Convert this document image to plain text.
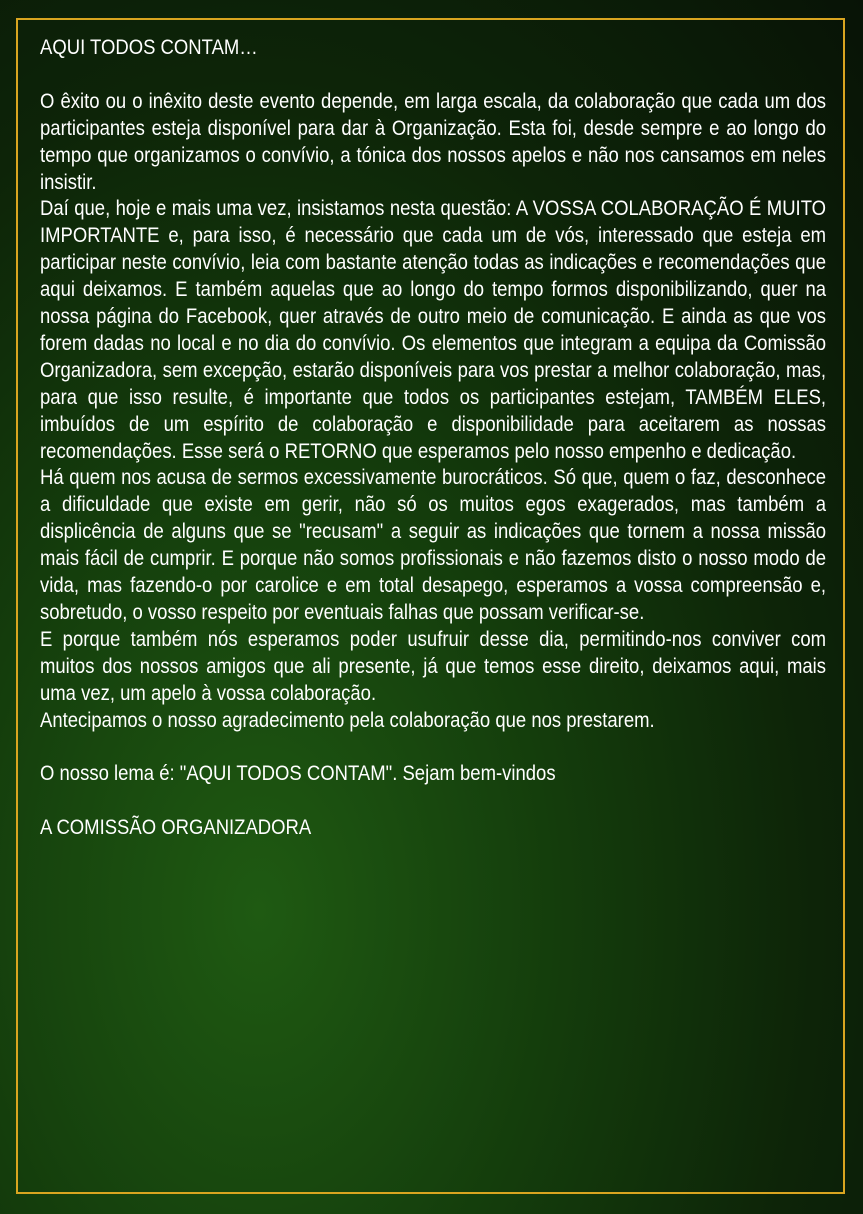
AQUI TODOS CONTAM…

O êxito ou o inêxito deste evento depende, em larga escala, da colaboração que cada um dos participantes esteja disponível para dar à Organização. Esta foi, desde sempre e ao longo do tempo que organizamos o convívio, a tónica dos nossos apelos e não nos cansamos em neles insistir.

Daí que, hoje e mais uma vez, insistamos nesta questão: A VOSSA COLABORAÇÃO É MUITO IMPORTANTE e, para isso, é necessário que cada um de vós, interessado que esteja em participar neste convívio, leia com bastante atenção todas as indicações e recomendações que aqui deixamos. E também aquelas que ao longo do tempo formos disponibilizando, quer na nossa página do Facebook, quer através de outro meio de comunicação. E ainda as que vos forem dadas no local e no dia do convívio. Os elementos que integram a equipa da Comissão Organizadora, sem excepção, estarão disponíveis para vos prestar a melhor colaboração, mas, para que isso resulte, é importante que todos os participantes estejam, TAMBÉM ELES, imbuídos de um espírito de colaboração e disponibilidade para aceitarem as nossas recomendações. Esse será o RETORNO que esperamos pelo nosso empenho e dedicação.

Há quem nos acusa de sermos excessivamente burocráticos. Só que, quem o faz, desconhece a dificuldade que existe em gerir, não só os muitos egos exagerados, mas também a displicência de alguns que se "recusam" a seguir as indicações que tornem a nossa missão mais fácil de cumprir. E porque não somos profissionais e não fazemos disto o nosso modo de vida, mas fazendo-o por carolice e em total desapego, esperamos a vossa compreensão e, sobretudo, o vosso respeito por eventuais falhas que possam verificar-se.

E porque também nós esperamos poder usufruir desse dia, permitindo-nos conviver com muitos dos nossos amigos que ali presente, já que temos esse direito, deixamos aqui, mais uma vez, um apelo à vossa colaboração.

Antecipamos o nosso agradecimento pela colaboração que nos prestarem.

O nosso lema é: "AQUI TODOS CONTAM". Sejam bem-vindos

A COMISSÃO ORGANIZADORA
